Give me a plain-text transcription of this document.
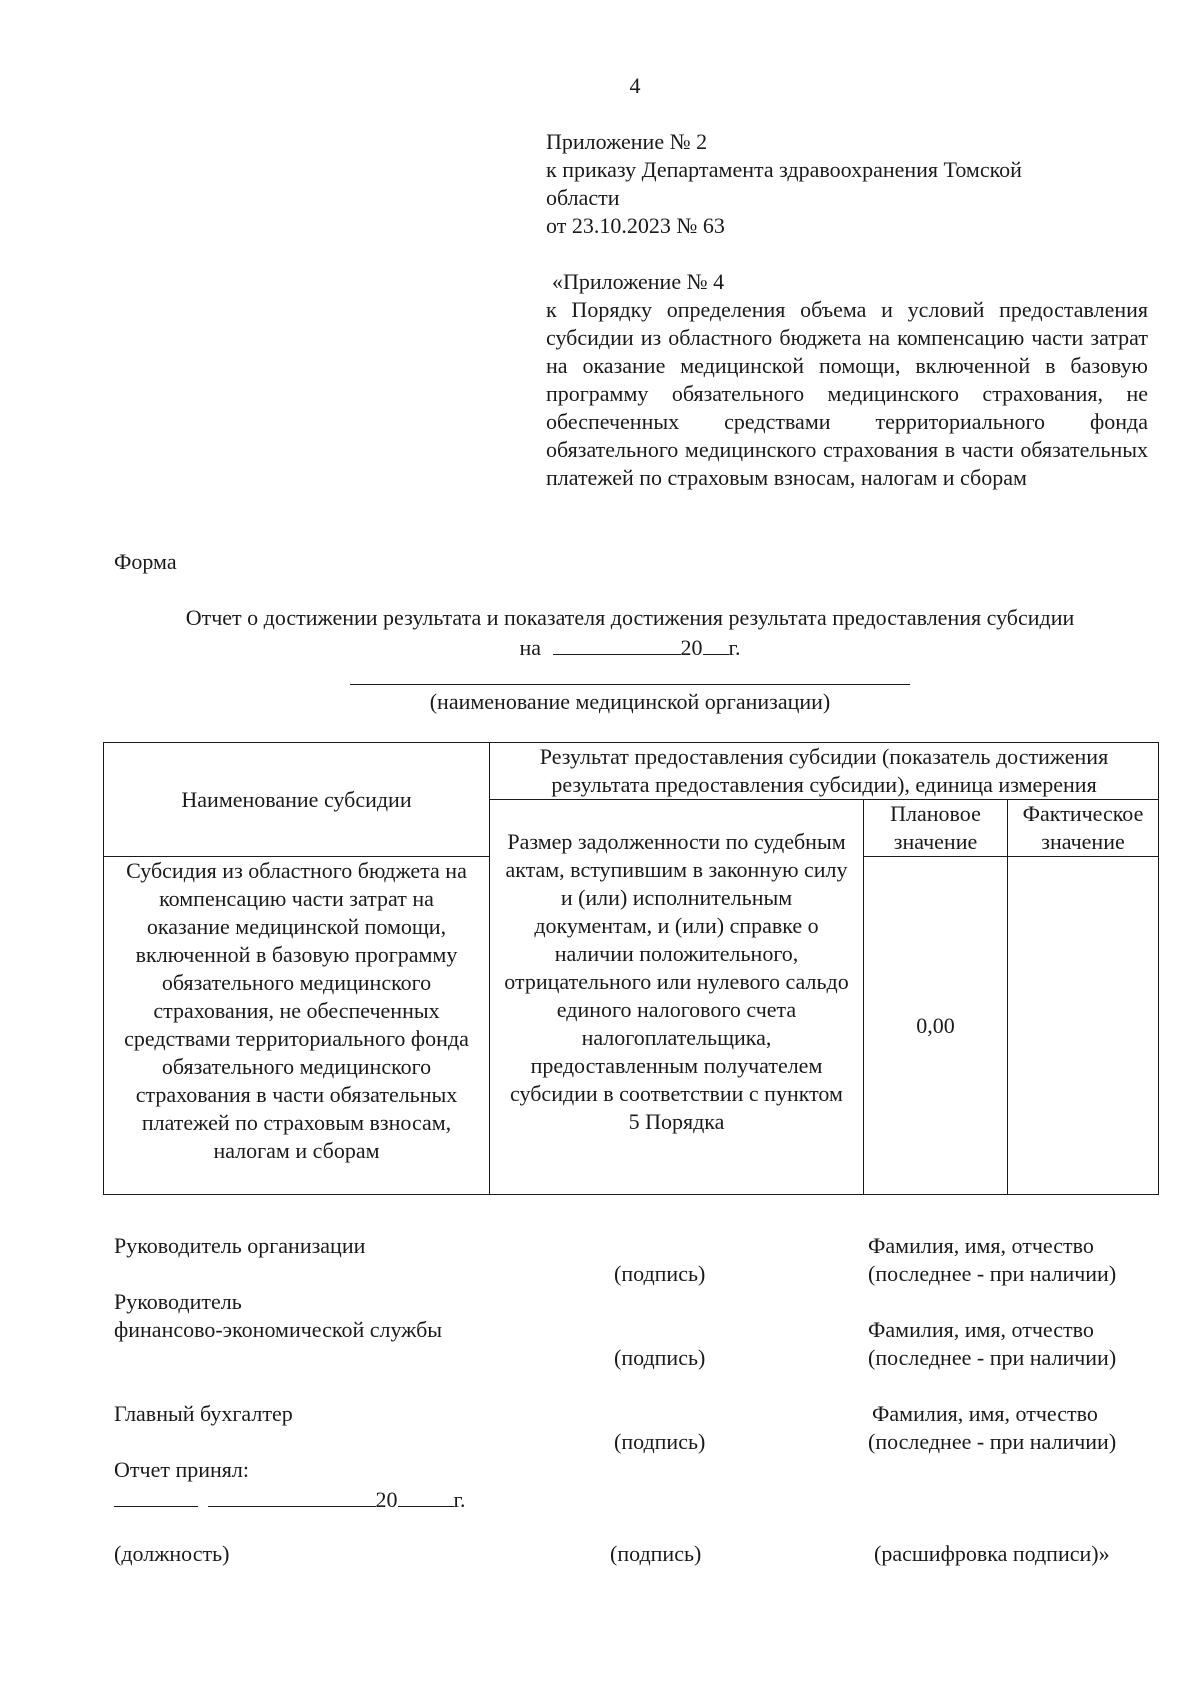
4
Приложение № 2
к приказу Департамента здравоохранения Томской
области
от 23.10.2023 № 63
«Приложение № 4
к Порядку определения объема и условий предоставления субсидии из областного бюджета на компенсацию части затрат на оказание медицинской помощи, включенной в базовую программу обязательного медицинского страхования, не обеспеченных средствами территориального фонда обязательного медицинского страхования в части обязательных платежей по страховым взносам, налогам и сборам
Форма
Отчет о достижении результата и показателя достижения результата предоставления субсидии
на	20 г.
(наименование медицинской организации)
Наименование субсидии	Результат предоставления субсидии (показатель достижения результата предоставления субсидии), единица измерения		
	Размер задолженности по судебным актам, вступившим в законную силу и (или) исполнительным документам, и (или) справке о наличии положительного, отрицательного или нулевого сальдо единого налогового счета налогоплательщика, предоставленным получателем субсидии в соответствии с пунктом 5 Порядка	Плановое значение	Фактическое значение
Субсидия из областного бюджета на компенсацию части затрат на оказание медицинской помощи, включенной в базовую программу обязательного медицинского страхования, не обеспеченных средствами территориального фонда обязательного медицинского страхования в части обязательных платежей по страховым взносам, налогам и сборам		0,00	
Руководитель организации
(подпись)
Фамилия, имя, отчество
(последнее - при наличии)
Руководитель
финансово-экономической службы
(подпись)
Фамилия, имя, отчество
(последнее - при наличии)
Главный бухгалтер
(подпись)
Фамилия, имя, отчество
(последнее - при наличии)
Отчет принял:
20	г.
(должность)	(подпись)	(расшифровка подписи)»
